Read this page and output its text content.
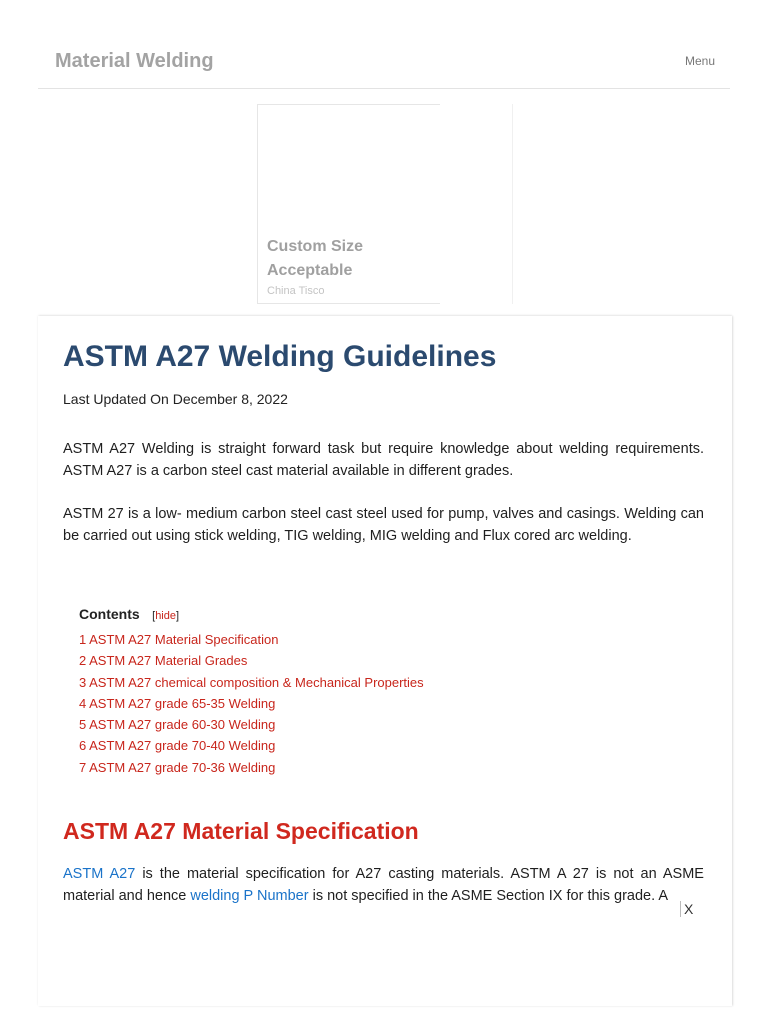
Material Welding	Menu
Custom Size Acceptable
China Tisco
ASTM A27 Welding Guidelines
Last Updated On December 8, 2022

ASTM A27 Welding is straight forward task but require knowledge about welding requirements. ASTM A27 is a carbon steel cast material available in different grades.

ASTM 27 is a low- medium carbon steel cast steel used for pump, valves and casings. Welding can be carried out using stick welding, TIG welding, MIG welding and Flux cored arc welding.

Contents [hide]
1 ASTM A27 Material Specification
2 ASTM A27 Material Grades
3 ASTM A27 chemical composition & Mechanical Properties
4 ASTM A27 grade 65-35 Welding
5 ASTM A27 grade 60-30 Welding
6 ASTM A27 grade 70-40 Welding
7 ASTM A27 grade 70-36 Welding
ASTM A27 Material Specification

ASTM A27 is the material specification for A27 casting materials. ASTM A 27 is not an ASME material and hence welding P Number is not specified in the ASME Section IX for this grade. A

X
